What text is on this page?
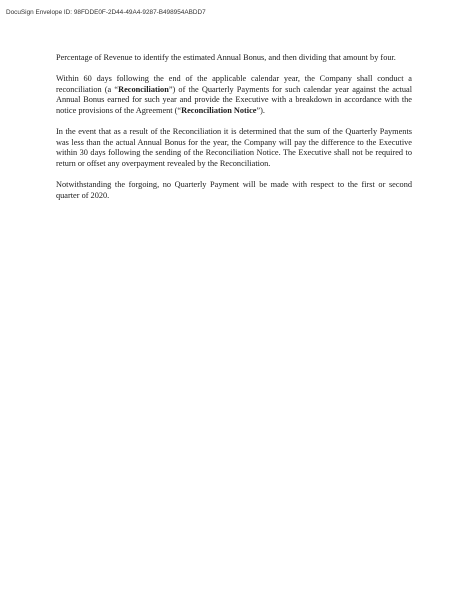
DocuSign Envelope ID: 98FDDE0F-2D44-49A4-9287-B498954ABDD7

Percentage of Revenue to identify the estimated Annual Bonus, and then dividing that amount by four.

Within 60 days following the end of the applicable calendar year, the Company shall conduct a reconciliation (a “Reconciliation”) of the Quarterly Payments for such calendar year against the actual Annual Bonus earned for such year and provide the Executive with a breakdown in accordance with the notice provisions of the Agreement (“Reconciliation Notice”).

In the event that as a result of the Reconciliation it is determined that the sum of the Quarterly Payments was less than the actual Annual Bonus for the year, the Company will pay the difference to the Executive within 30 days following the sending of the Reconciliation Notice. The Executive shall not be required to return or offset any overpayment revealed by the Reconciliation.

Notwithstanding the forgoing, no Quarterly Payment will be made with respect to the first or second quarter of 2020.
